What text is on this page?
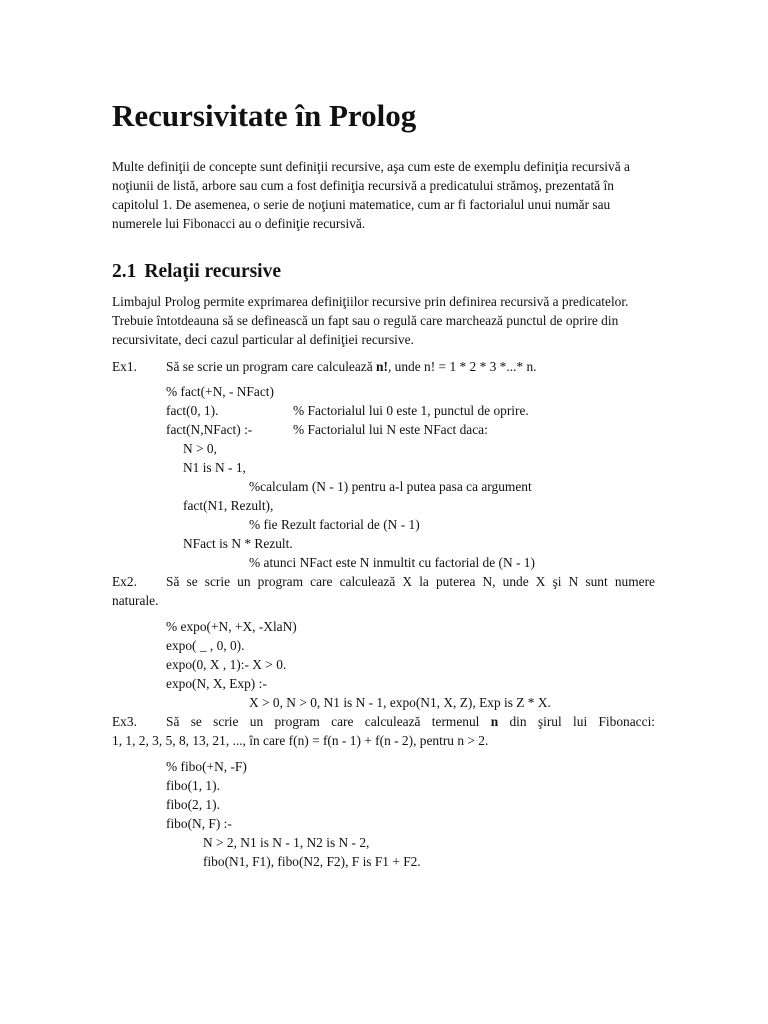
Recursivitate în Prolog

Multe definiţii de concepte sunt definiţii recursive, aşa cum este de exemplu definiţia recursivă a
noţiunii de listă, arbore sau cum a fost definiţia recursivă a predicatului strămoş, prezentată în
capitolul 1. De asemenea, o serie de noţiuni matematice, cum ar fi factorialul unui număr sau
numerele lui Fibonacci au o definiţie recursivă.

2.1 Relaţii recursive

Limbajul Prolog permite exprimarea definiţiilor recursive prin definirea recursivă a predicatelor.
Trebuie întotdeauna să se definească un fapt sau o regulă care marchează punctul de oprire din
recursivitate, deci cazul particular al definiţiei recursive.

Ex1. Să se scrie un program care calculează n!, unde n! = 1 * 2 * 3 *...* n.
% fact(+N, - NFact)
fact(0, 1).	% Factorialul lui 0 este 1, punctul de oprire.
fact(N,NFact) :-	% Factorialul lui N este NFact daca:
N > 0,
N1 is N - 1,
%calculam (N - 1) pentru a-l putea pasa ca argument
fact(N1, Rezult),
% fie Rezult factorial de (N - 1)
NFact is N * Rezult.
% atunci NFact este N inmultit cu factorial de (N - 1)
Ex2. Să se scrie un program care calculează X la puterea N, unde X şi N sunt numere
naturale.
% expo(+N, +X, -XlaN)
expo( _ , 0, 0).
expo(0, X , 1):- X > 0.
expo(N, X, Exp) :-
X > 0, N > 0, N1 is N - 1, expo(N1, X, Z), Exp is Z * X.
Ex3. Să se scrie un program care calculează termenul n din şirul lui Fibonacci:
1, 1, 2, 3, 5, 8, 13, 21, ..., în care f(n) = f(n - 1) + f(n - 2), pentru n > 2.
% fibo(+N, -F)
fibo(1, 1).
fibo(2, 1).
fibo(N, F) :-
N > 2, N1 is N - 1, N2 is N - 2,
fibo(N1, F1), fibo(N2, F2), F is F1 + F2.
